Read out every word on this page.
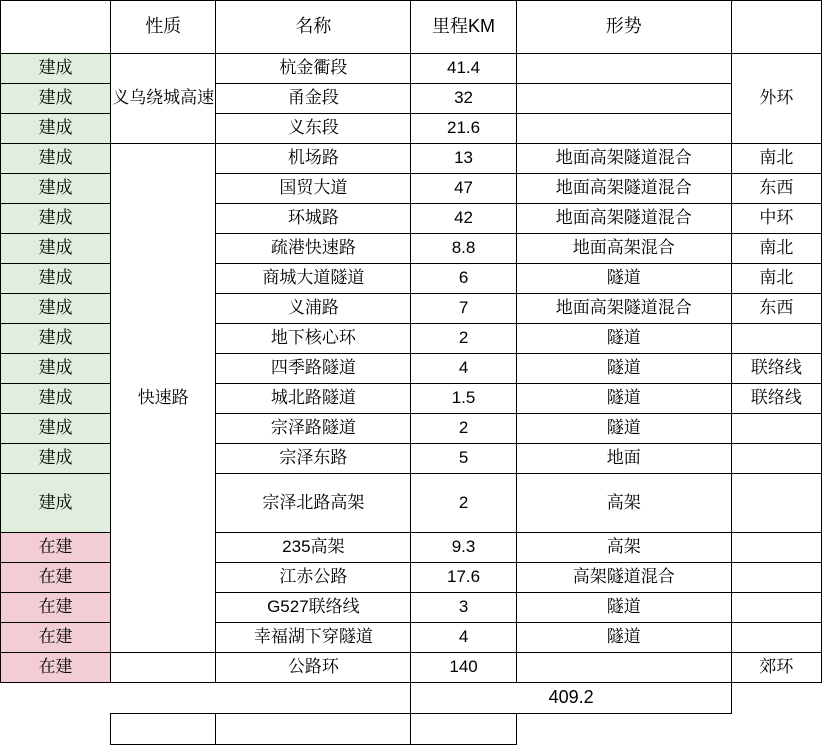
	性质	名称	里程KM	形势	
建成	义乌绕城高速	杭金衢段	41.4		外环
建成		甬金段	32		
建成		义东段	21.6		
建成	快速路	机场路	13	地面高架隧道混合	南北
建成		国贸大道	47	地面高架隧道混合	东西
建成		环城路	42	地面高架隧道混合	中环
建成		疏港快速路	8.8	地面高架混合	南北
建成		商城大道隧道	6	隧道	南北
建成		义浦路	7	地面高架隧道混合	东西
建成		地下核心环	2	隧道	
建成		四季路隧道	4	隧道	联络线
建成		城北路隧道	1.5	隧道	联络线
建成		宗泽路隧道	2	隧道	
建成		宗泽东路	5	地面	
建成		宗泽北路高架	2	高架	
在建		235高架	9.3	高架	
在建		江赤公路	17.6	高架隧道混合	
在建		G527联络线	3	隧道	
在建		幸福湖下穿隧道	4	隧道	
在建		公路环	140		郊环
			409.2		
